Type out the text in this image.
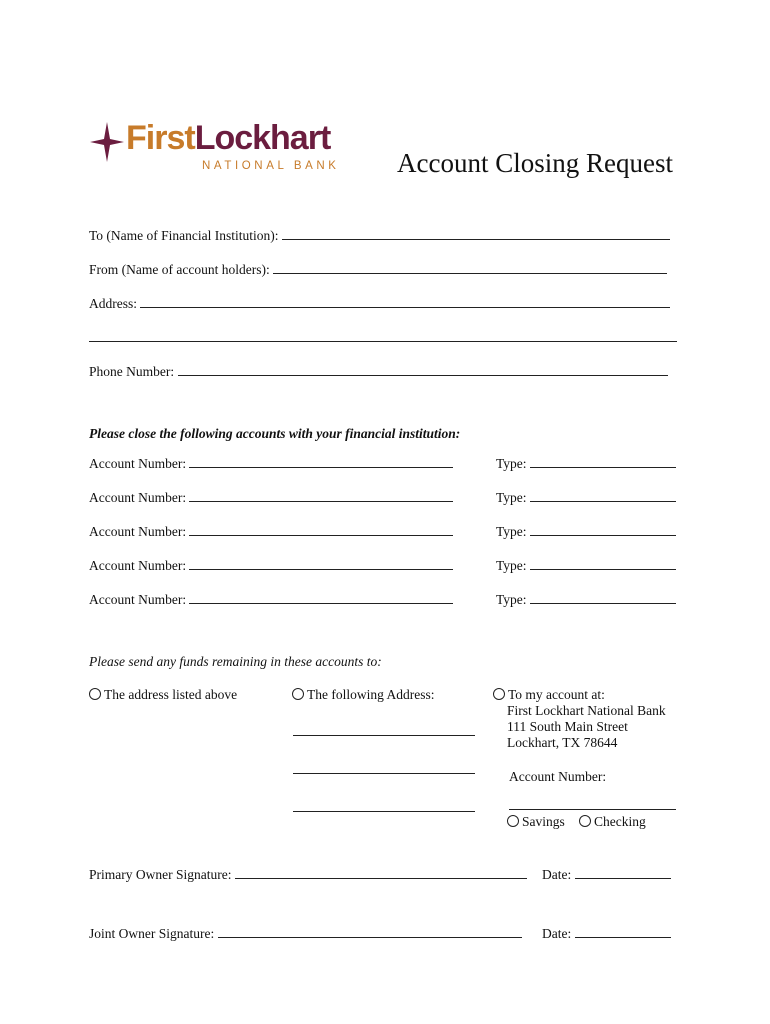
FirstLockhart
NATIONAL BANK Account Closing Request
To (Name of Financial Institution):
From (Name of account holders):
Address:
Phone Number:
Please close the following accounts with your financial institution:
Account Number:	Type:
Account Number:	Type:
Account Number:	Type:
Account Number:	Type:
Account Number:	Type:
Please send any funds remaining in these accounts to:
The address listed above	The following Address:	To my account at:
First Lockhart National Bank
111 South Main Street
Lockhart, TX 78644
Account Number:
Savings	Checking
Primary Owner Signature:	Date:
Joint Owner Signature:	Date:
